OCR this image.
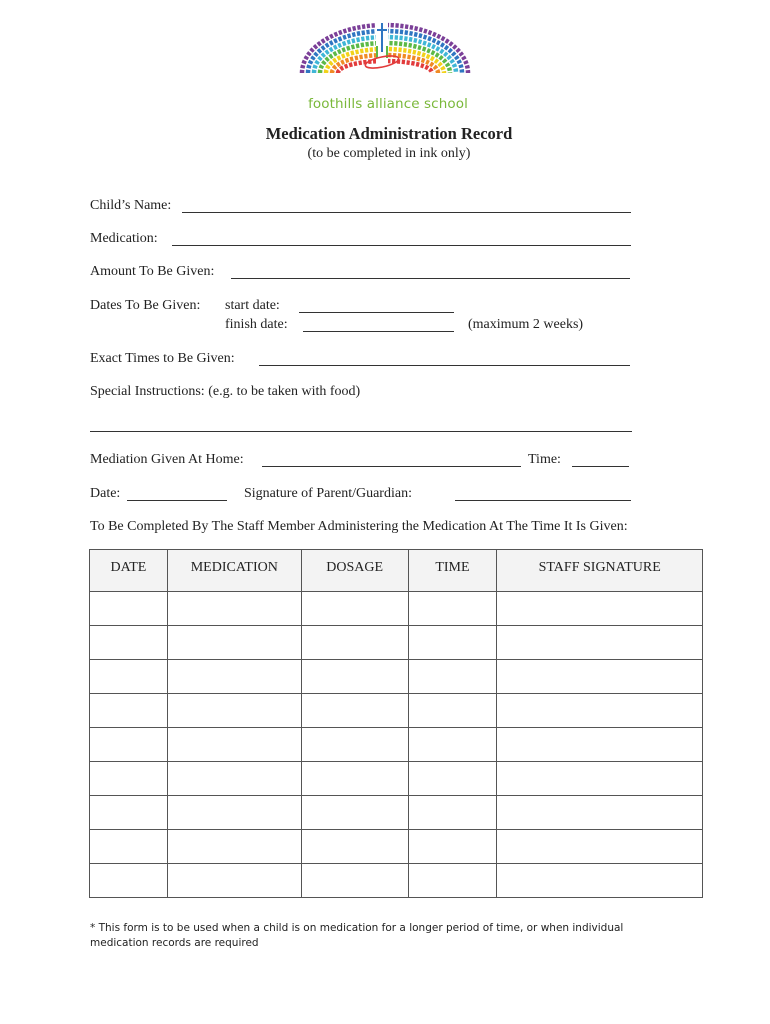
foothills alliance school
Medication Administration Record
(to be completed in ink only)
Child’s Name:
Medication:
Amount To Be Given:
Dates To Be Given: start date:
finish date:	(maximum 2 weeks)
Exact Times to Be Given:
Special Instructions: (e.g. to be taken with food)
Mediation Given At Home:	Time:
Date:	Signature of Parent/Guardian:
To Be Completed By The Staff Member Administering the Medication At The Time It Is Given:
DATE	MEDICATION	DOSAGE	TIME	STAFF SIGNATURE

* This form is to be used when a child is on medication for a longer period of time, or when individual medication records are required
